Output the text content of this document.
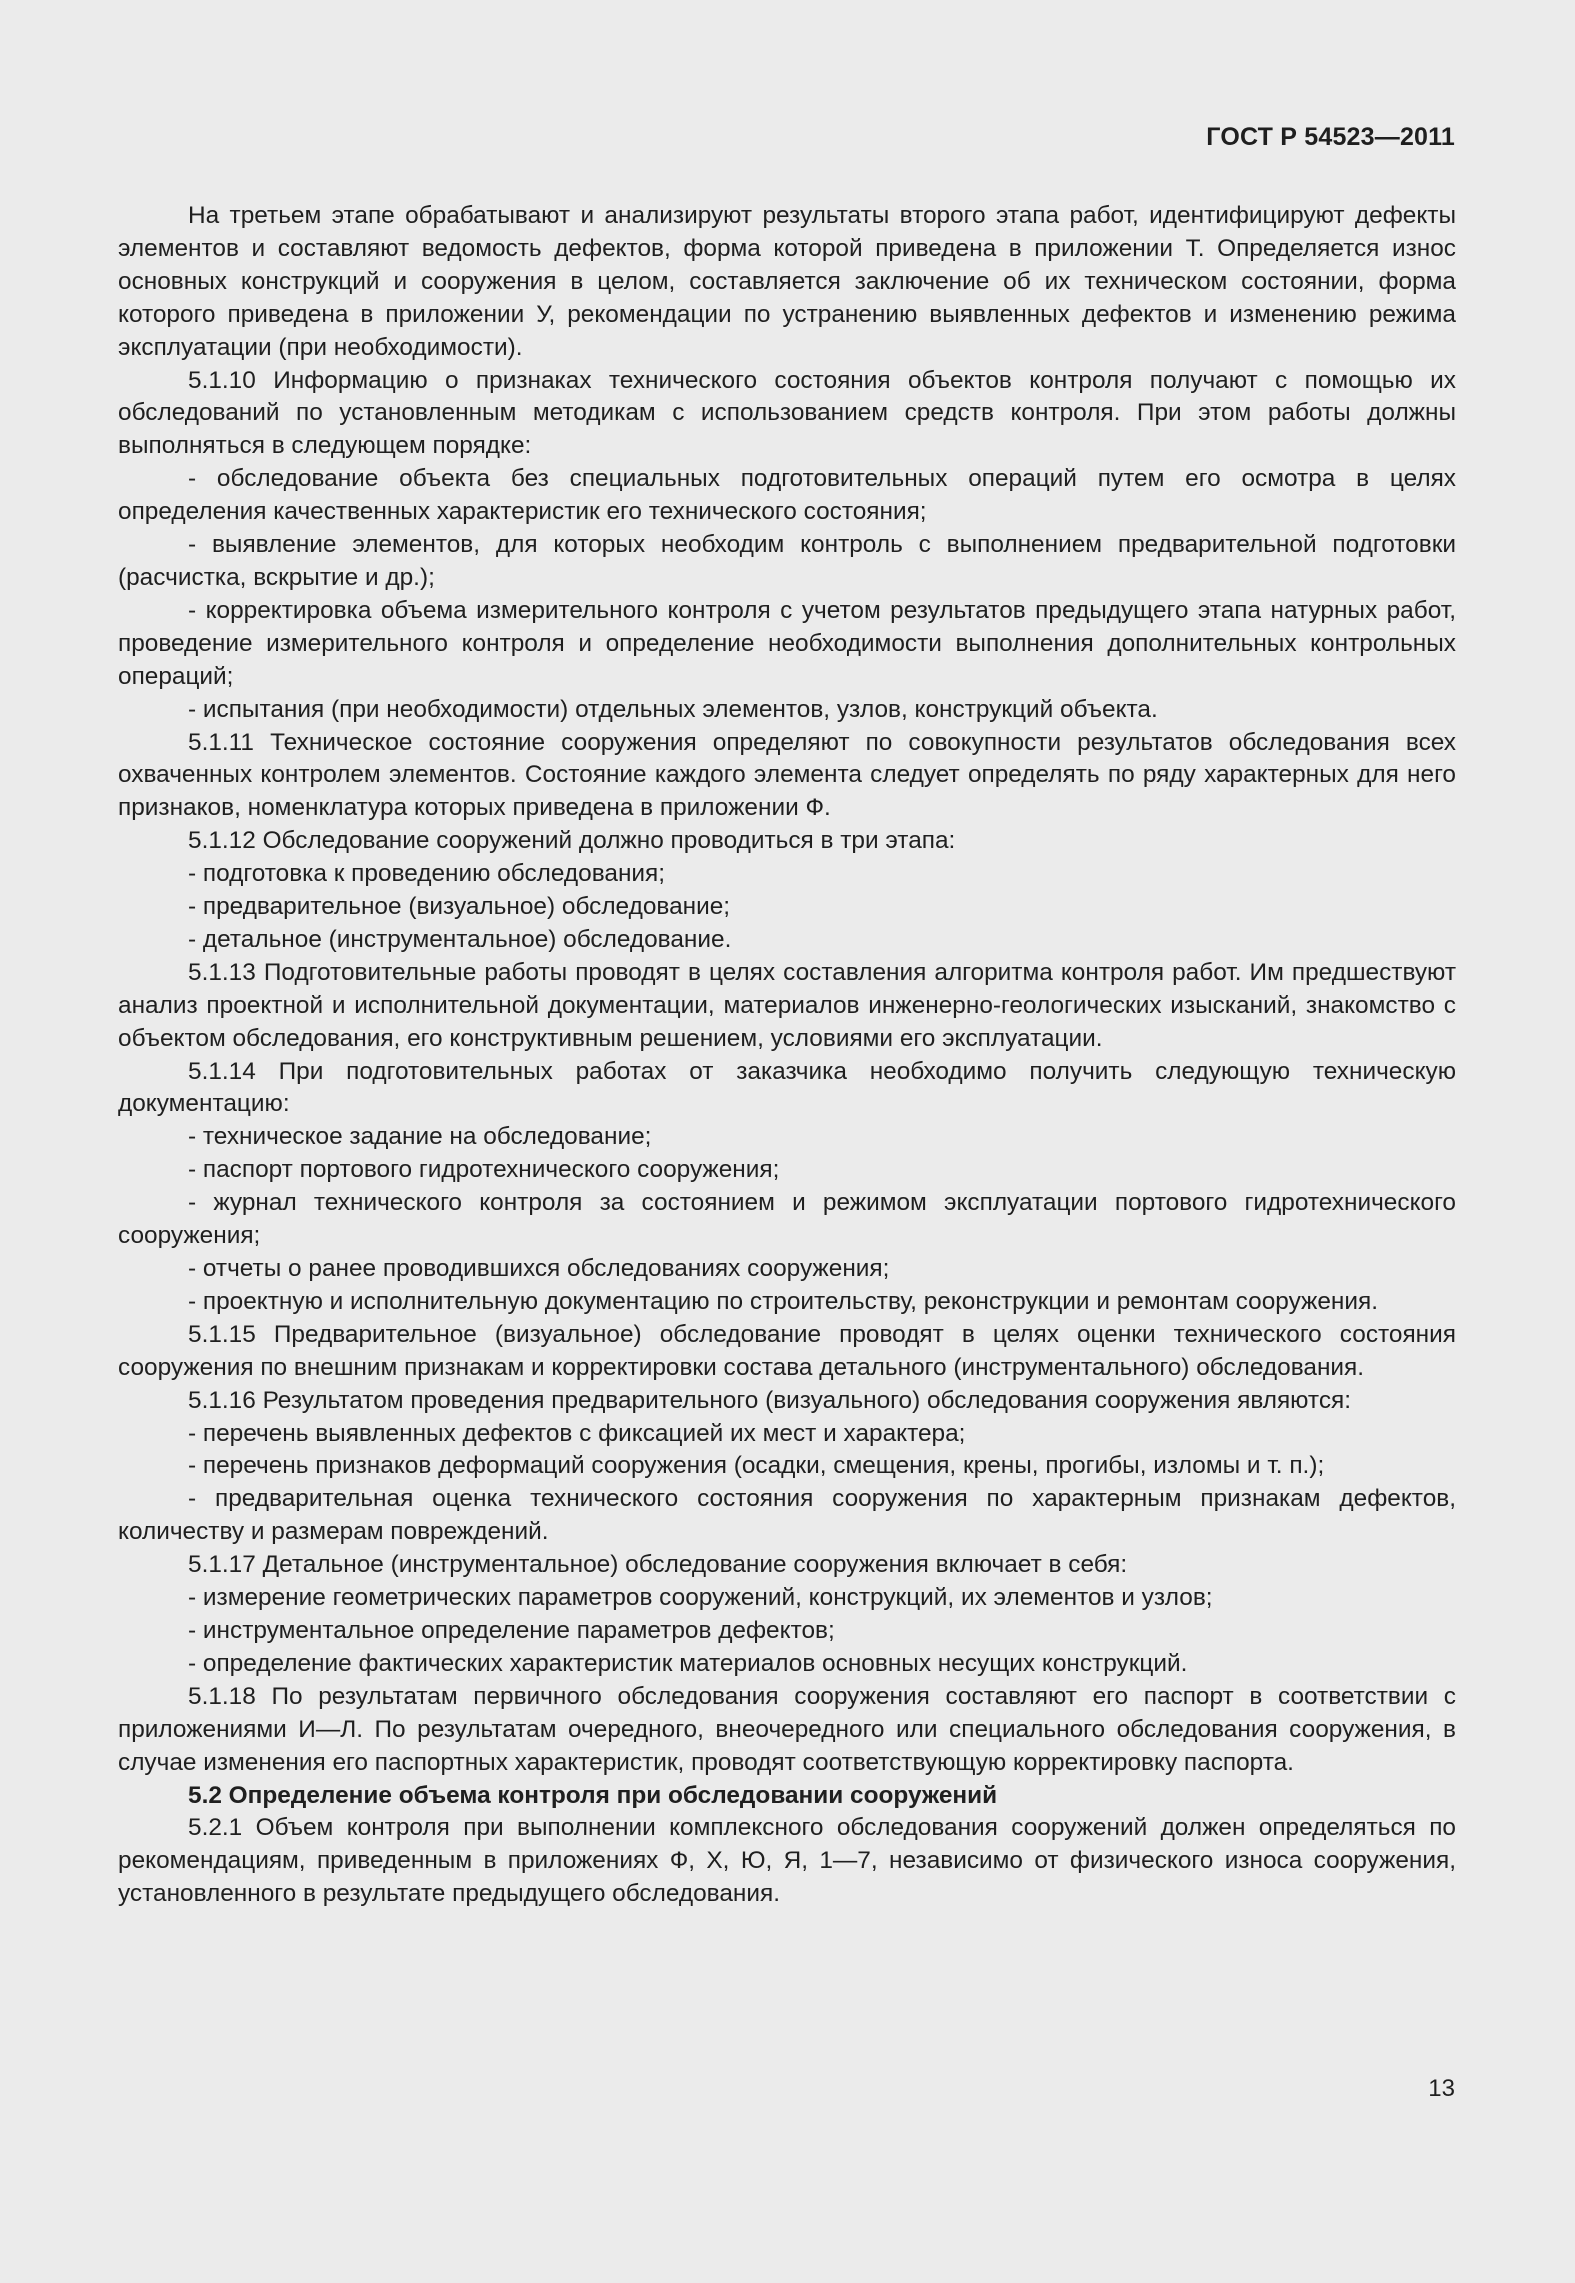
ГОСТ Р 54523—2011

На третьем этапе обрабатывают и анализируют результаты второго этапа работ, идентифицируют дефекты элементов и составляют ведомость дефектов, форма которой приведена в приложении Т. Определяется износ основных конструкций и сооружения в целом, составляется заключение об их техническом состоянии, форма которого приведена в приложении У, рекомендации по устранению выявленных дефектов и изменению режима эксплуатации (при необходимости).

5.1.10 Информацию о признаках технического состояния объектов контроля получают с помощью их обследований по установленным методикам с использованием средств контроля. При этом работы должны выполняться в следующем порядке:

- обследование объекта без специальных подготовительных операций путем его осмотра в целях определения качественных характеристик его технического состояния;

- выявление элементов, для которых необходим контроль с выполнением предварительной подготовки (расчистка, вскрытие и др.);

- корректировка объема измерительного контроля с учетом результатов предыдущего этапа натурных работ, проведение измерительного контроля и определение необходимости выполнения дополнительных контрольных операций;

- испытания (при необходимости) отдельных элементов, узлов, конструкций объекта.

5.1.11 Техническое состояние сооружения определяют по совокупности результатов обследования всех охваченных контролем элементов. Состояние каждого элемента следует определять по ряду характерных для него признаков, номенклатура которых приведена в приложении Ф.

5.1.12 Обследование сооружений должно проводиться в три этапа:

- подготовка к проведению обследования;

- предварительное (визуальное) обследование;

- детальное (инструментальное) обследование.

5.1.13 Подготовительные работы проводят в целях составления алгоритма контроля работ. Им предшествуют анализ проектной и исполнительной документации, материалов инженерно-геологических изысканий, знакомство с объектом обследования, его конструктивным решением, условиями его эксплуатации.

5.1.14 При подготовительных работах от заказчика необходимо получить следующую техническую документацию:

- техническое задание на обследование;

- паспорт портового гидротехнического сооружения;

- журнал технического контроля за состоянием и режимом эксплуатации портового гидротехнического сооружения;

- отчеты о ранее проводившихся обследованиях сооружения;

- проектную и исполнительную документацию по строительству, реконструкции и ремонтам сооружения.

5.1.15 Предварительное (визуальное) обследование проводят в целях оценки технического состояния сооружения по внешним признакам и корректировки состава детального (инструментального) обследования.

5.1.16 Результатом проведения предварительного (визуального) обследования сооружения являются:

- перечень выявленных дефектов с фиксацией их мест и характера;

- перечень признаков деформаций сооружения (осадки, смещения, крены, прогибы, изломы и т. п.);

- предварительная оценка технического состояния сооружения по характерным признакам дефектов, количеству и размерам повреждений.

5.1.17 Детальное (инструментальное) обследование сооружения включает в себя:

- измерение геометрических параметров сооружений, конструкций, их элементов и узлов;

- инструментальное определение параметров дефектов;

- определение фактических характеристик материалов основных несущих конструкций.

5.1.18 По результатам первичного обследования сооружения составляют его паспорт в соответствии с приложениями И—Л. По результатам очередного, внеочередного или специального обследования сооружения, в случае изменения его паспортных характеристик, проводят соответствующую корректировку паспорта.

5.2 Определение объема контроля при обследовании сооружений

5.2.1 Объем контроля при выполнении комплексного обследования сооружений должен определяться по рекомендациям, приведенным в приложениях Ф, Х, Ю, Я, 1—7, независимо от физического износа сооружения, установленного в результате предыдущего обследования.

13
